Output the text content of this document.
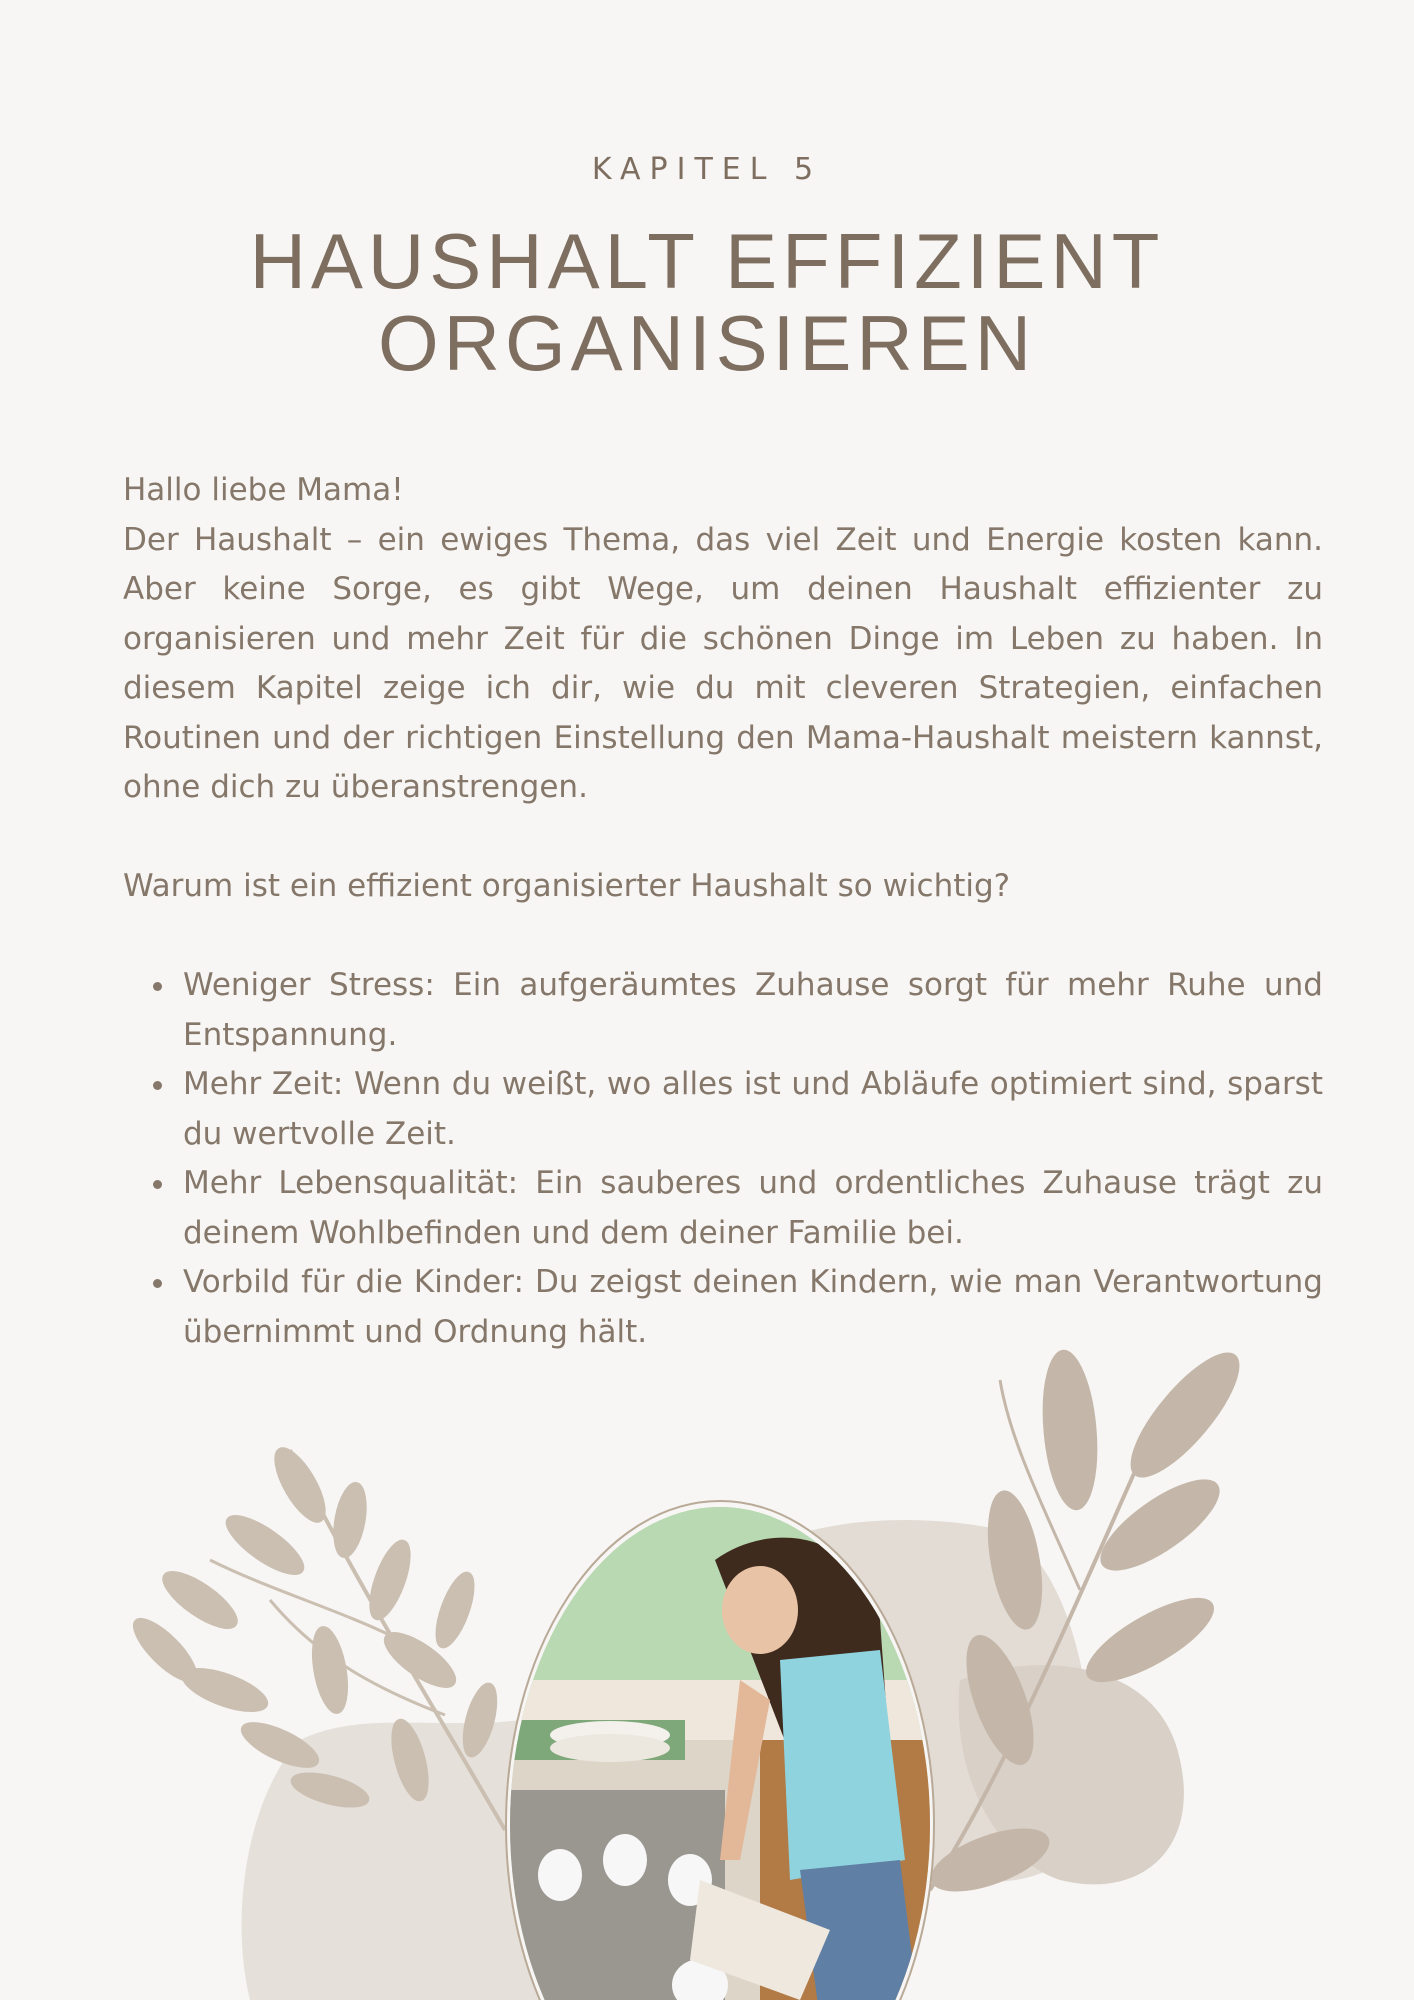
KAPITEL 5
HAUSHALT EFFIZIENT
ORGANISIEREN

Hallo liebe Mama!

Der Haushalt – ein ewiges Thema, das viel Zeit und Energie kosten kann. Aber keine Sorge, es gibt Wege, um deinen Haushalt effizienter zu organisieren und mehr Zeit für die schönen Dinge im Leben zu haben. In diesem Kapitel zeige ich dir, wie du mit cleveren Strategien, einfachen Routinen und der richtigen Einstellung den Mama-Haushalt meistern kannst, ohne dich zu überanstrengen.

Warum ist ein effizient organisierter Haushalt so wichtig?

Weniger Stress: Ein aufgeräumtes Zuhause sorgt für mehr Ruhe und Entspannung.
Mehr Zeit: Wenn du weißt, wo alles ist und Abläufe optimiert sind, sparst du wertvolle Zeit.
Mehr Lebensqualität: Ein sauberes und ordentliches Zuhause trägt zu deinem Wohlbefinden und dem deiner Familie bei.
Vorbild für die Kinder: Du zeigst deinen Kindern, wie man Verantwortung übernimmt und Ordnung hält.
